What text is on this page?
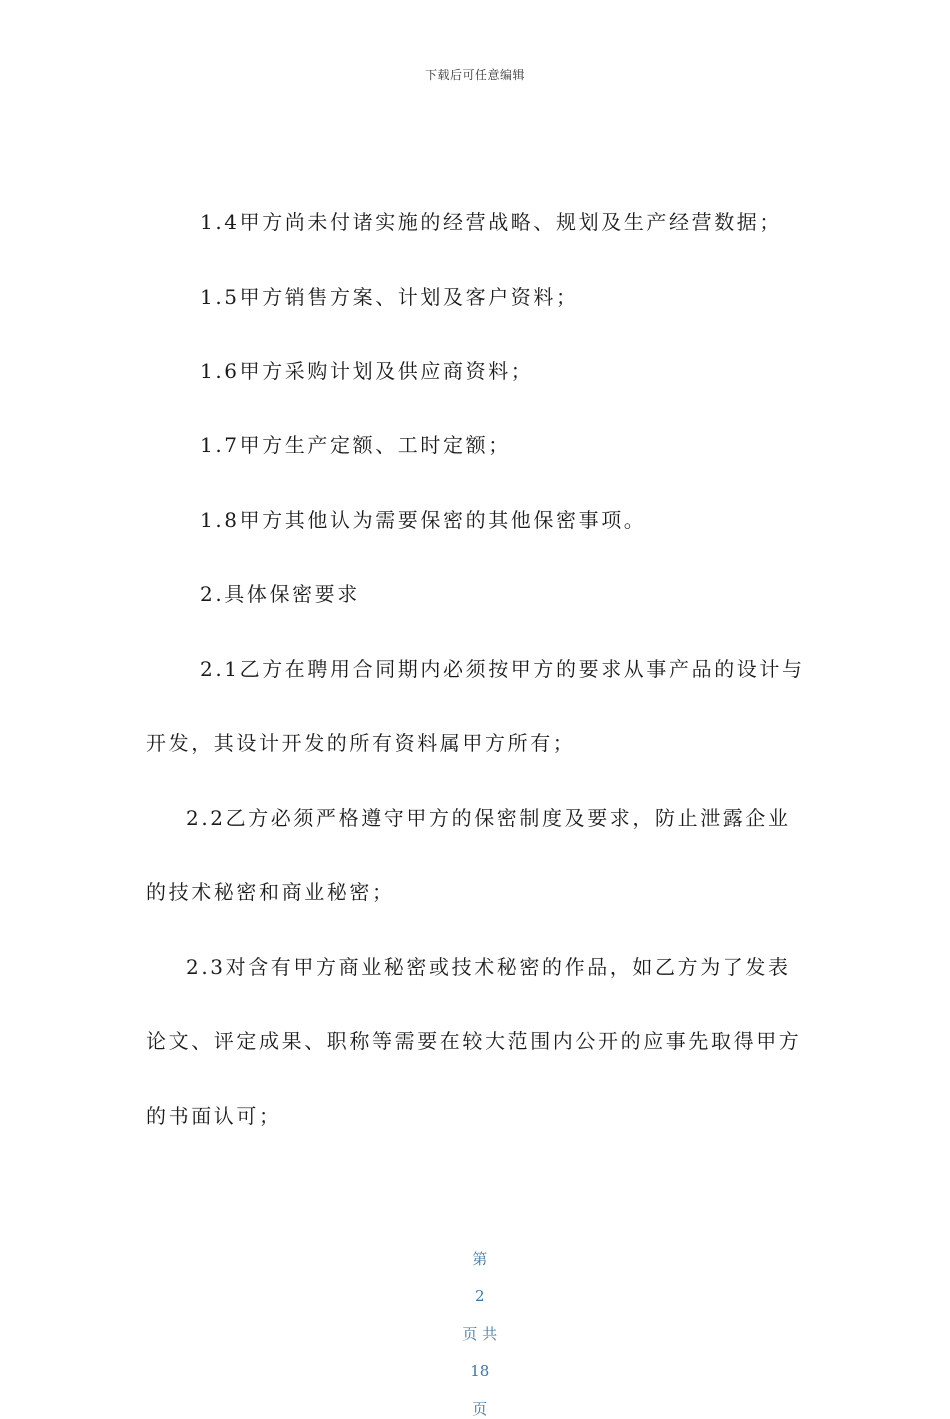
下载后可任意编辑
1.4甲方尚未付诸实施的经营战略、规划及生产经营数据；
1.5甲方销售方案、计划及客户资料；
1.6甲方采购计划及供应商资料；
1.7甲方生产定额、工时定额；
1.8甲方其他认为需要保密的其他保密事项。
2.具体保密要求
2.1乙方在聘用合同期内必须按甲方的要求从事产品的设计与
开发，其设计开发的所有资料属甲方所有；
2.2乙方必须严格遵守甲方的保密制度及要求，防止泄露企业
的技术秘密和商业秘密；
2.3对含有甲方商业秘密或技术秘密的作品，如乙方为了发表
论文、评定成果、职称等需要在较大范围内公开的应事先取得甲方
的书面认可；

第

2

页 共

18

页
